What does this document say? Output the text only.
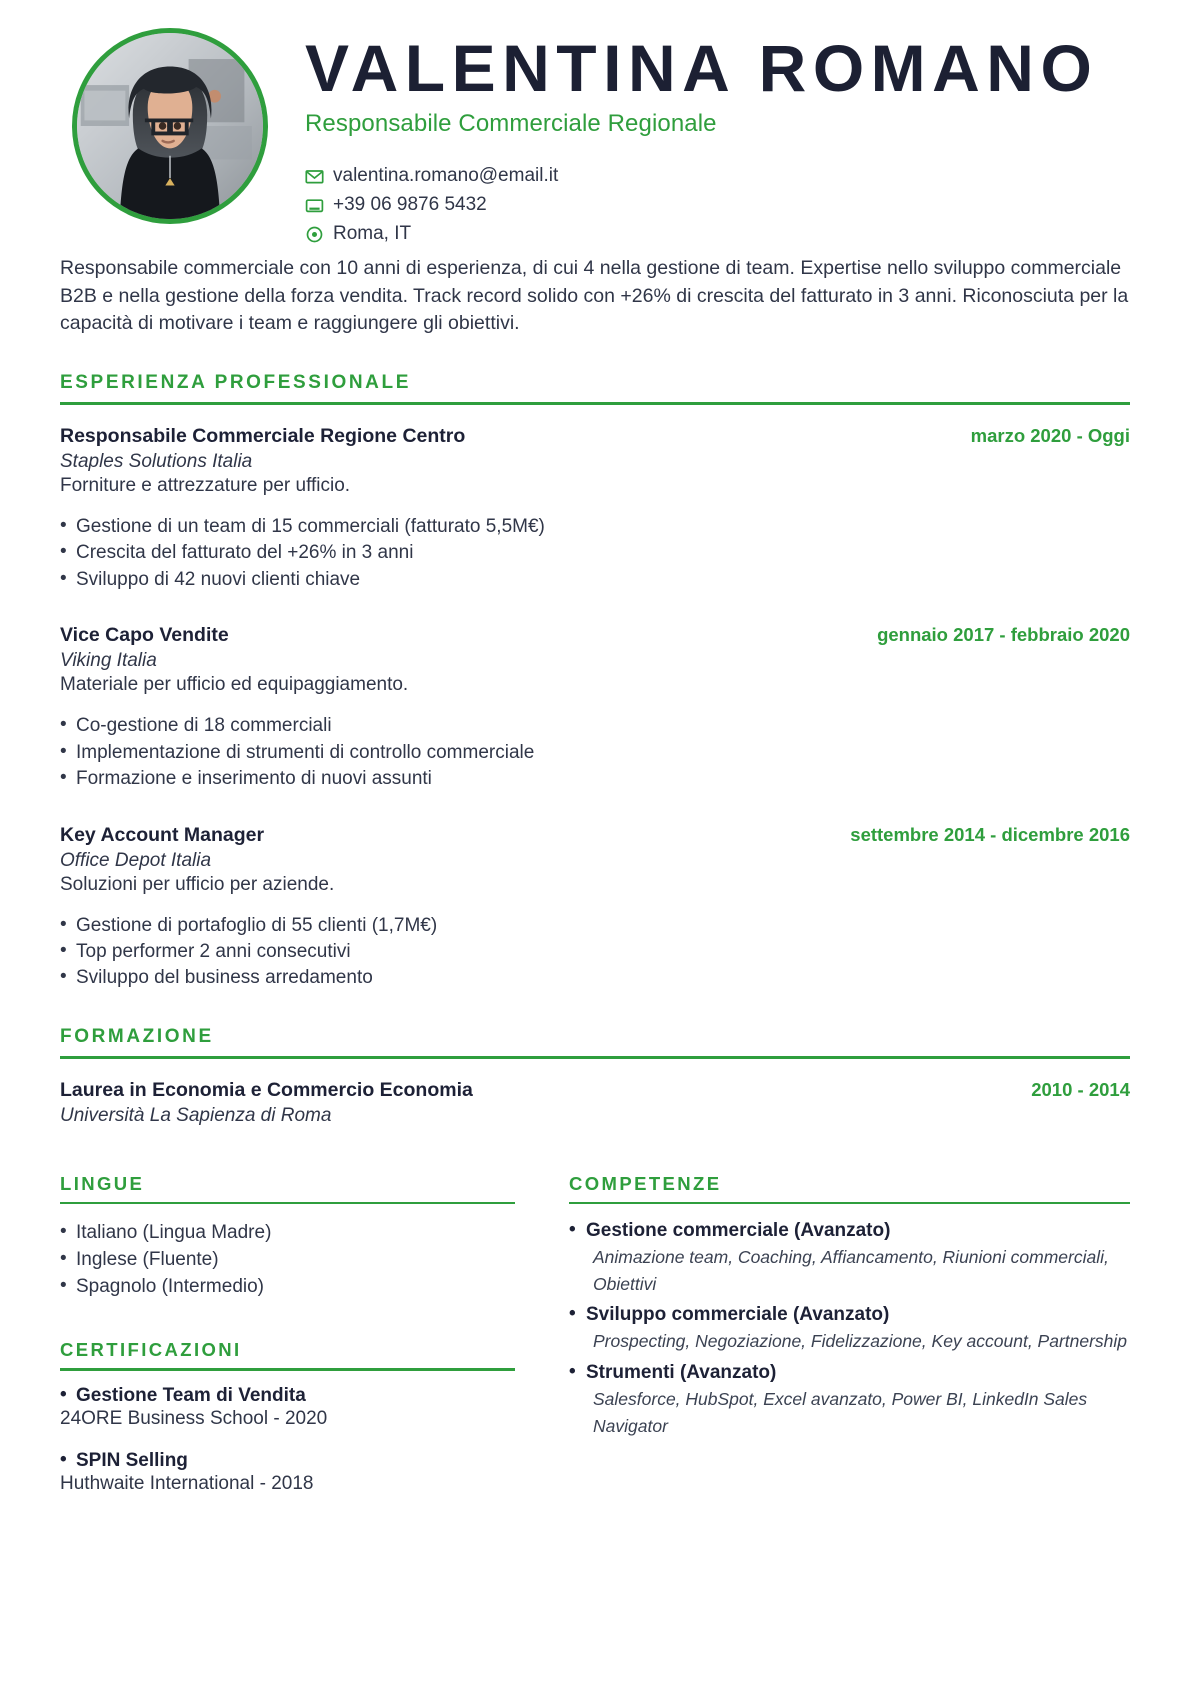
VALENTINA ROMANO
Responsabile Commerciale Regionale
valentina.romano@email.it
+39 06 9876 5432
Roma, IT
Responsabile commerciale con 10 anni di esperienza, di cui 4 nella gestione di team. Expertise nello sviluppo commerciale B2B e nella gestione della forza vendita. Track record solido con +26% di crescita del fatturato in 3 anni. Riconosciuta per la capacità di motivare i team e raggiungere gli obiettivi.
ESPERIENZA PROFESSIONALE
Responsabile Commerciale Regione Centro	marzo 2020 - Oggi
Staples Solutions Italia
Forniture e attrezzature per ufficio.
• Gestione di un team di 15 commerciali (fatturato 5,5M€)
• Crescita del fatturato del +26% in 3 anni
• Sviluppo di 42 nuovi clienti chiave
Vice Capo Vendite	gennaio 2017 - febbraio 2020
Viking Italia
Materiale per ufficio ed equipaggiamento.
• Co-gestione di 18 commerciali
• Implementazione di strumenti di controllo commerciale
• Formazione e inserimento di nuovi assunti
Key Account Manager	settembre 2014 - dicembre 2016
Office Depot Italia
Soluzioni per ufficio per aziende.
• Gestione di portafoglio di 55 clienti (1,7M€)
• Top performer 2 anni consecutivi
• Sviluppo del business arredamento
FORMAZIONE
Laurea in Economia e Commercio Economia	2010 - 2014
Università La Sapienza di Roma
LINGUE
• Italiano (Lingua Madre)
• Inglese (Fluente)
• Spagnolo (Intermedio)
CERTIFICAZIONI
• Gestione Team di Vendita
24ORE Business School - 2020
• SPIN Selling
Huthwaite International - 2018
COMPETENZE
• Gestione commerciale (Avanzato)
Animazione team, Coaching, Affiancamento, Riunioni commerciali, Obiettivi
• Sviluppo commerciale (Avanzato)
Prospecting, Negoziazione, Fidelizzazione, Key account, Partnership
• Strumenti (Avanzato)
Salesforce, HubSpot, Excel avanzato, Power BI, LinkedIn Sales Navigator
